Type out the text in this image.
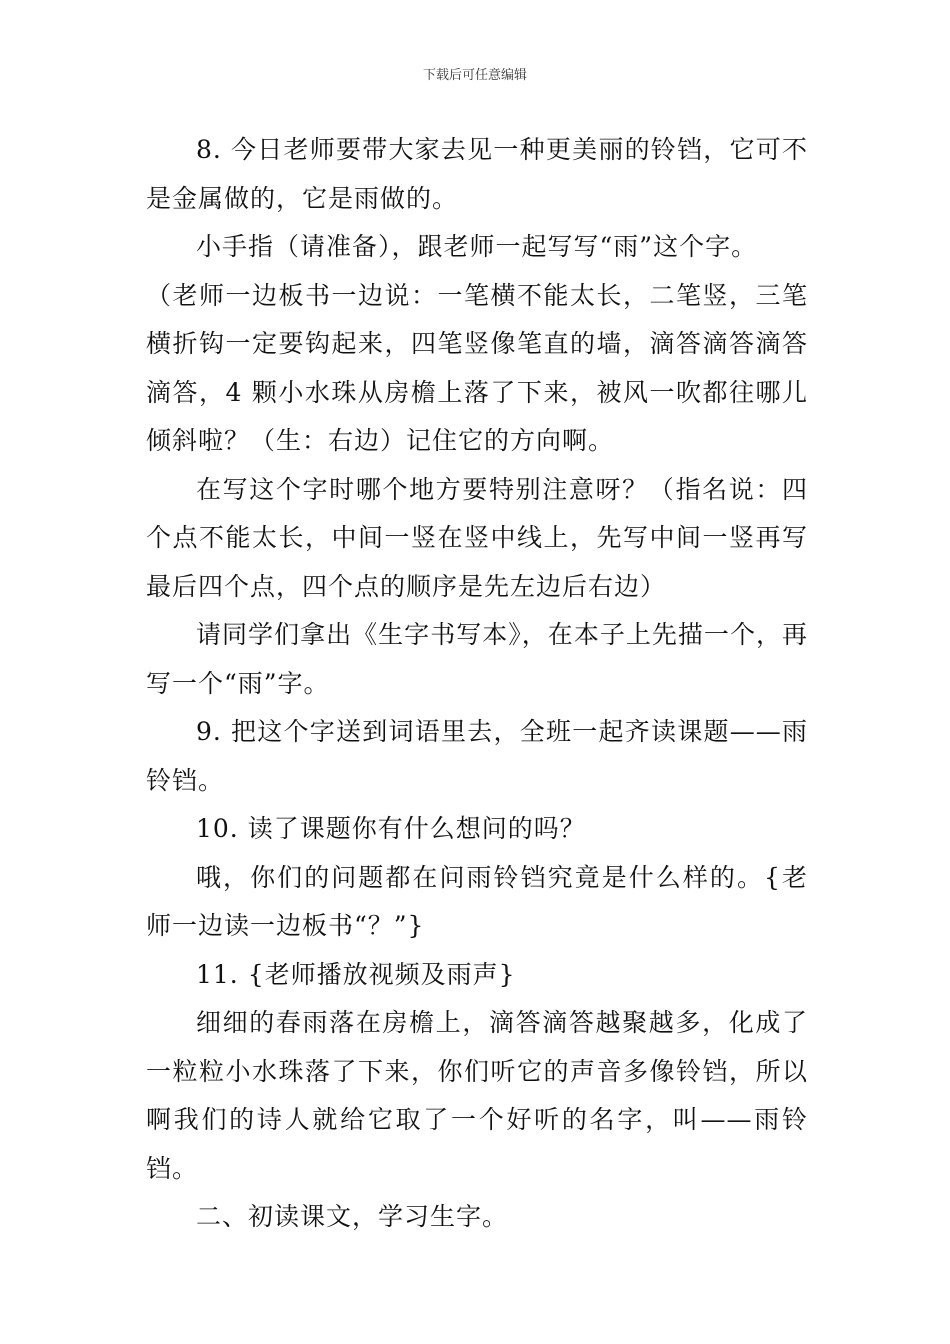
下载后可任意编辑

8. 今日老师要带大家去见一种更美丽的铃铛，它可不是金属做的，它是雨做的。

小手指（请准备），跟老师一起写写“雨”这个字。

（老师一边板书一边说：一笔横不能太长，二笔竖，三笔横折钩一定要钩起来，四笔竖像笔直的墙，滴答滴答滴答滴答，4 颗小水珠从房檐上落了下来，被风一吹都往哪儿倾斜啦？（生：右边）记住它的方向啊。

在写这个字时哪个地方要特别注意呀？（指名说：四个点不能太长，中间一竖在竖中线上，先写中间一竖再写最后四个点，四个点的顺序是先左边后右边）

请同学们拿出《生字书写本》，在本子上先描一个，再写一个“雨”字。

9. 把这个字送到词语里去，全班一起齐读课题——雨铃铛。

10. 读了课题你有什么想问的吗？

哦，你们的问题都在问雨铃铛究竟是什么样的。{老师一边读一边板书“？”}

11. {老师播放视频及雨声}

细细的春雨落在房檐上，滴答滴答越聚越多，化成了一粒粒小水珠落了下来，你们听它的声音多像铃铛，所以啊我们的诗人就给它取了一个好听的名字，叫——雨铃铛。

二、初读课文，学习生字。
